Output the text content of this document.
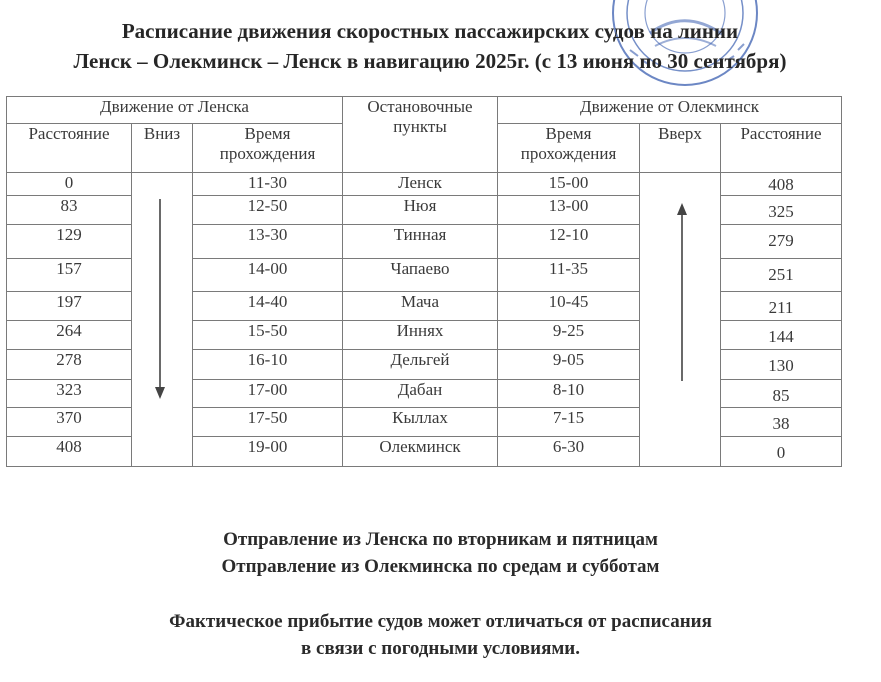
Расписание движения скоростных пассажирских судов на линии
Ленск – Олекминск – Ленск в навигацию 2025г. (с 13 июня по 30 сентября)
Движение от Ленска			Остановочные пункты	Движение от Олекминск		
Расстояние	Вниз	Время прохождения		Время прохождения	Вверх	Расстояние
0		11-30	Ленск	15-00		408
83		12-50	Нюя	13-00		325
129		13-30	Тинная	12-10		279
157		14-00	Чапаево	11-35		251
197		14-40	Мача	10-45		211
264		15-50	Иннях	9-25		144
278		16-10	Дельгей	9-05		130
323		17-00	Дабан	8-10		85
370		17-50	Кыллах	7-15		38
408		19-00	Олекминск	6-30		0
Отправление из Ленска по вторникам и пятницам
Отправление из Олекминска по средам и субботам
Фактическое прибытие судов может отличаться от расписания
в связи с погодными условиями.
